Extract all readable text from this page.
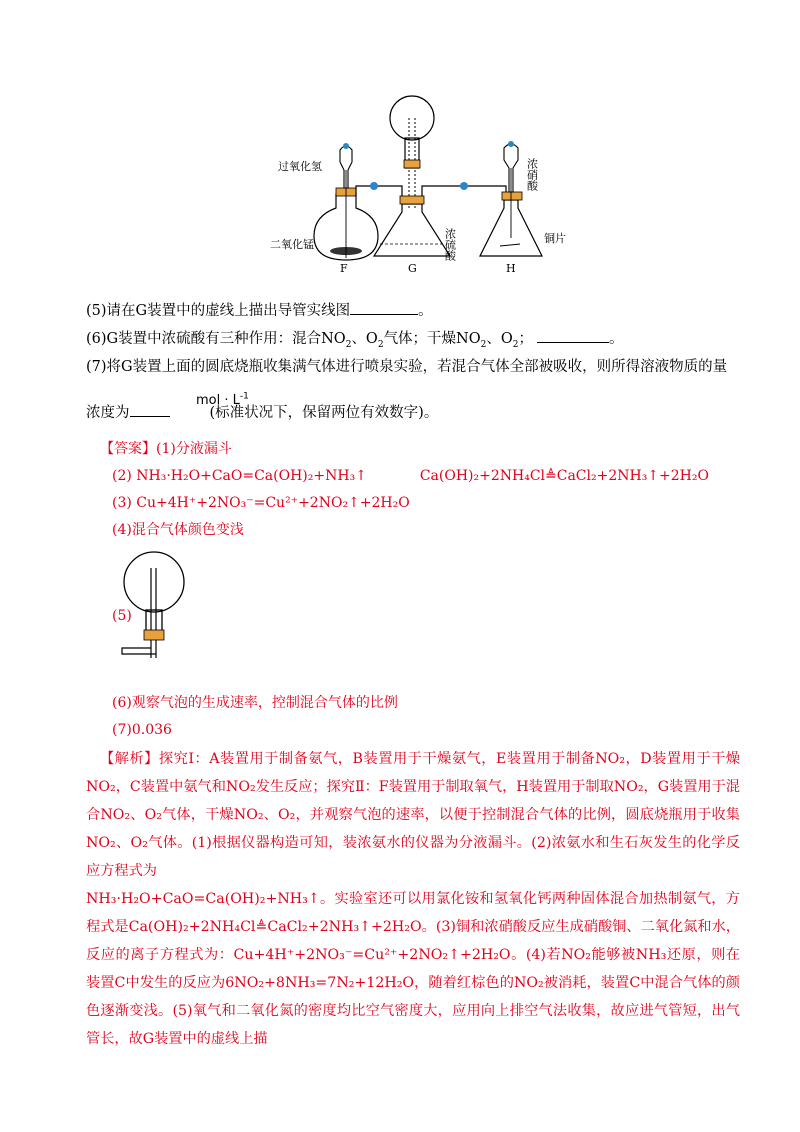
过氧化氢
二氧化锰
F	G	H
浓硫酸
浓硝酸
铜片
(5)请在G装置中的虚线上描出导管实线图	。
(6)G装置中浓硫酸有三种作用：混合$NO_2$、$O_2$气体；干燥$NO_2$、$O_2$；	。
(7)将G装置上面的圆底烧瓶收集满气体进行喷泉实验，若混合气体全部被吸收，则所得溶液物质的量
浓度为	(标准状况下，保留两位有效数字)。
mol · $L^{-1}$
【答案】(1)分液漏斗
(2) NH₃·H₂O+CaO=Ca(OH)₂+NH₃↑	Ca(OH)₂+2NH₄Cl≜CaCl₂+2NH₃↑+2H₂O
(3) Cu+4H⁺+2NO₃⁻=Cu²⁺+2NO₂↑+2H₂O
(4)混合气体颜色变浅
(5)
(6)观察气泡的生成速率，控制混合气体的比例
(7)0.036
【解析】探究Ⅰ：A装置用于制备氨气，B装置用于干燥氨气，E装置用于制备NO₂，D装置用于干燥NO₂，C装置中氨气和NO₂发生反应；探究Ⅱ：F装置用于制取氧气，H装置用于制取NO₂，G装置用于混合NO₂、O₂气体，干燥NO₂、O₂，并观察气泡的速率，以便于控制混合气体的比例，圆底烧瓶用于收集NO₂、O₂气体。(1)根据仪器构造可知，装浓氨水的仪器为分液漏斗。(2)浓氨水和生石灰发生的化学反应方程式为
NH₃·H₂O+CaO=Ca(OH)₂+NH₃↑。实验室还可以用氯化铵和氢氧化钙两种固体混合加热制氨气，方程式是Ca(OH)₂+2NH₄Cl≜CaCl₂+2NH₃↑+2H₂O。(3)铜和浓硝酸反应生成硝酸铜、二氧化氮和水，反应的离子方程式为：Cu+4H⁺+2NO₃⁻=Cu²⁺+2NO₂↑+2H₂O。(4)若NO₂能够被NH₃还原，则在装置C中发生的反应为6NO₂+8NH₃=7N₂+12H₂O，随着红棕色的NO₂被消耗，装置C中混合气体的颜色逐渐变浅。(5)氧气和二氧化氮的密度均比空气密度大，应用向上排空气法收集，故应进气管短，出气管长，故G装置中的虚线上描
